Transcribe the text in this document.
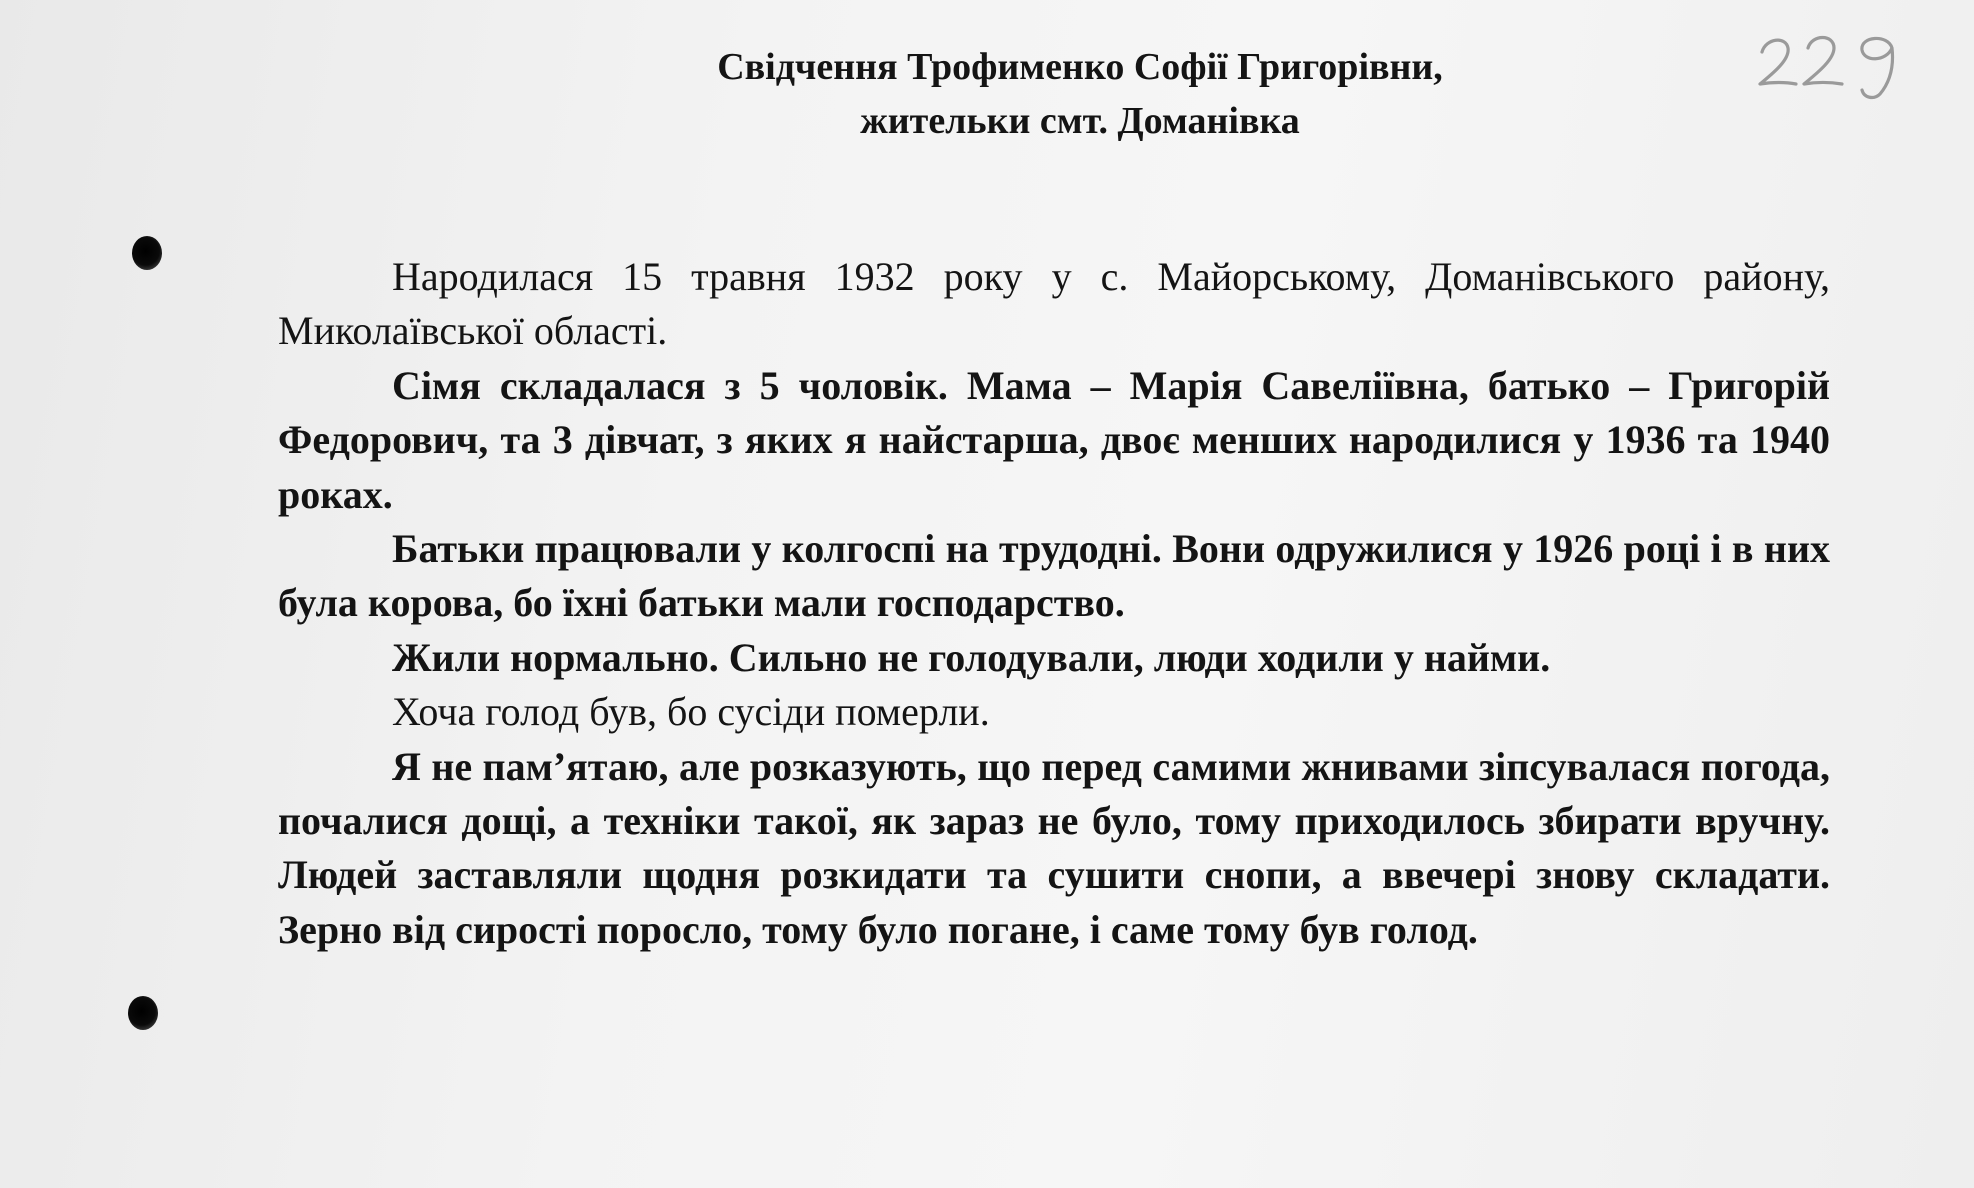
Свідчення Трофименко Софії Григорівни,
жительки смт. Доманівка

Народилася 15 травня 1932 року у с. Майорському, Доманівського району, Миколаївської області.

Сімя складалася з 5 чоловік. Мама – Марія Савеліївна, батько – Григорій Федорович, та 3 дівчат, з яких я найстарша, двоє менших народилися у 1936 та 1940 роках.

Батьки працювали у колгоспі на трудодні. Вони одружилися у 1926 році і в них була корова, бо їхні батьки мали господарство.

Жили нормально. Сильно не голодували, люди ходили у найми.

Хоча голод був, бо сусіди померли.

Я не пам’ятаю, але розказують, що перед самими жнивами зіпсувалася погода, почалися дощі, а техніки такої, як зараз не було, тому приходилось збирати вручну. Людей заставляли щодня розкидати та сушити снопи, а ввечері знову складати. Зерно від сирості поросло, тому було погане, і саме тому був голод.
